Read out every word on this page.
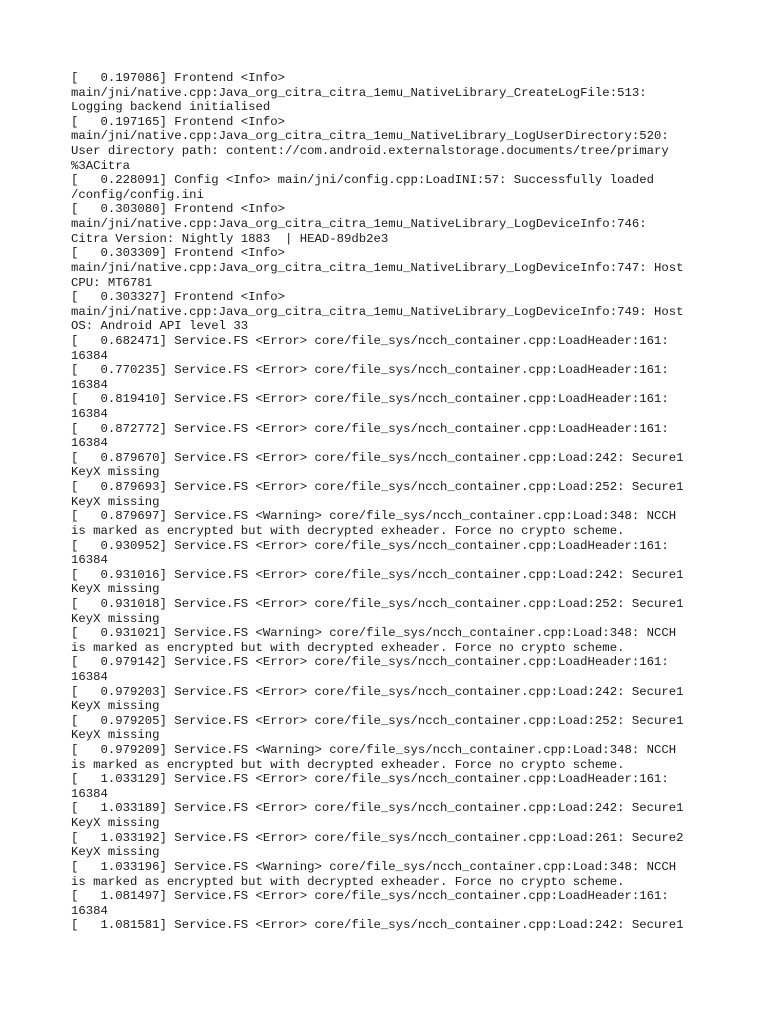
[   0.197086] Frontend <Info>
main/jni/native.cpp:Java_org_citra_citra_1emu_NativeLibrary_CreateLogFile:513:
Logging backend initialised
[   0.197165] Frontend <Info>
main/jni/native.cpp:Java_org_citra_citra_1emu_NativeLibrary_LogUserDirectory:520:
User directory path: content://com.android.externalstorage.documents/tree/primary
%3ACitra
[   0.228091] Config <Info> main/jni/config.cpp:LoadINI:57: Successfully loaded
/config/config.ini
[   0.303080] Frontend <Info>
main/jni/native.cpp:Java_org_citra_citra_1emu_NativeLibrary_LogDeviceInfo:746:
Citra Version: Nightly 1883  | HEAD-89db2e3
[   0.303309] Frontend <Info>
main/jni/native.cpp:Java_org_citra_citra_1emu_NativeLibrary_LogDeviceInfo:747: Host
CPU: MT6781
[   0.303327] Frontend <Info>
main/jni/native.cpp:Java_org_citra_citra_1emu_NativeLibrary_LogDeviceInfo:749: Host
OS: Android API level 33
[   0.682471] Service.FS <Error> core/file_sys/ncch_container.cpp:LoadHeader:161:
16384
[   0.770235] Service.FS <Error> core/file_sys/ncch_container.cpp:LoadHeader:161:
16384
[   0.819410] Service.FS <Error> core/file_sys/ncch_container.cpp:LoadHeader:161:
16384
[   0.872772] Service.FS <Error> core/file_sys/ncch_container.cpp:LoadHeader:161:
16384
[   0.879670] Service.FS <Error> core/file_sys/ncch_container.cpp:Load:242: Secure1
KeyX missing
[   0.879693] Service.FS <Error> core/file_sys/ncch_container.cpp:Load:252: Secure1
KeyX missing
[   0.879697] Service.FS <Warning> core/file_sys/ncch_container.cpp:Load:348: NCCH
is marked as encrypted but with decrypted exheader. Force no crypto scheme.
[   0.930952] Service.FS <Error> core/file_sys/ncch_container.cpp:LoadHeader:161:
16384
[   0.931016] Service.FS <Error> core/file_sys/ncch_container.cpp:Load:242: Secure1
KeyX missing
[   0.931018] Service.FS <Error> core/file_sys/ncch_container.cpp:Load:252: Secure1
KeyX missing
[   0.931021] Service.FS <Warning> core/file_sys/ncch_container.cpp:Load:348: NCCH
is marked as encrypted but with decrypted exheader. Force no crypto scheme.
[   0.979142] Service.FS <Error> core/file_sys/ncch_container.cpp:LoadHeader:161:
16384
[   0.979203] Service.FS <Error> core/file_sys/ncch_container.cpp:Load:242: Secure1
KeyX missing
[   0.979205] Service.FS <Error> core/file_sys/ncch_container.cpp:Load:252: Secure1
KeyX missing
[   0.979209] Service.FS <Warning> core/file_sys/ncch_container.cpp:Load:348: NCCH
is marked as encrypted but with decrypted exheader. Force no crypto scheme.
[   1.033129] Service.FS <Error> core/file_sys/ncch_container.cpp:LoadHeader:161:
16384
[   1.033189] Service.FS <Error> core/file_sys/ncch_container.cpp:Load:242: Secure1
KeyX missing
[   1.033192] Service.FS <Error> core/file_sys/ncch_container.cpp:Load:261: Secure2
KeyX missing
[   1.033196] Service.FS <Warning> core/file_sys/ncch_container.cpp:Load:348: NCCH
is marked as encrypted but with decrypted exheader. Force no crypto scheme.
[   1.081497] Service.FS <Error> core/file_sys/ncch_container.cpp:LoadHeader:161:
16384
[   1.081581] Service.FS <Error> core/file_sys/ncch_container.cpp:Load:242: Secure1
